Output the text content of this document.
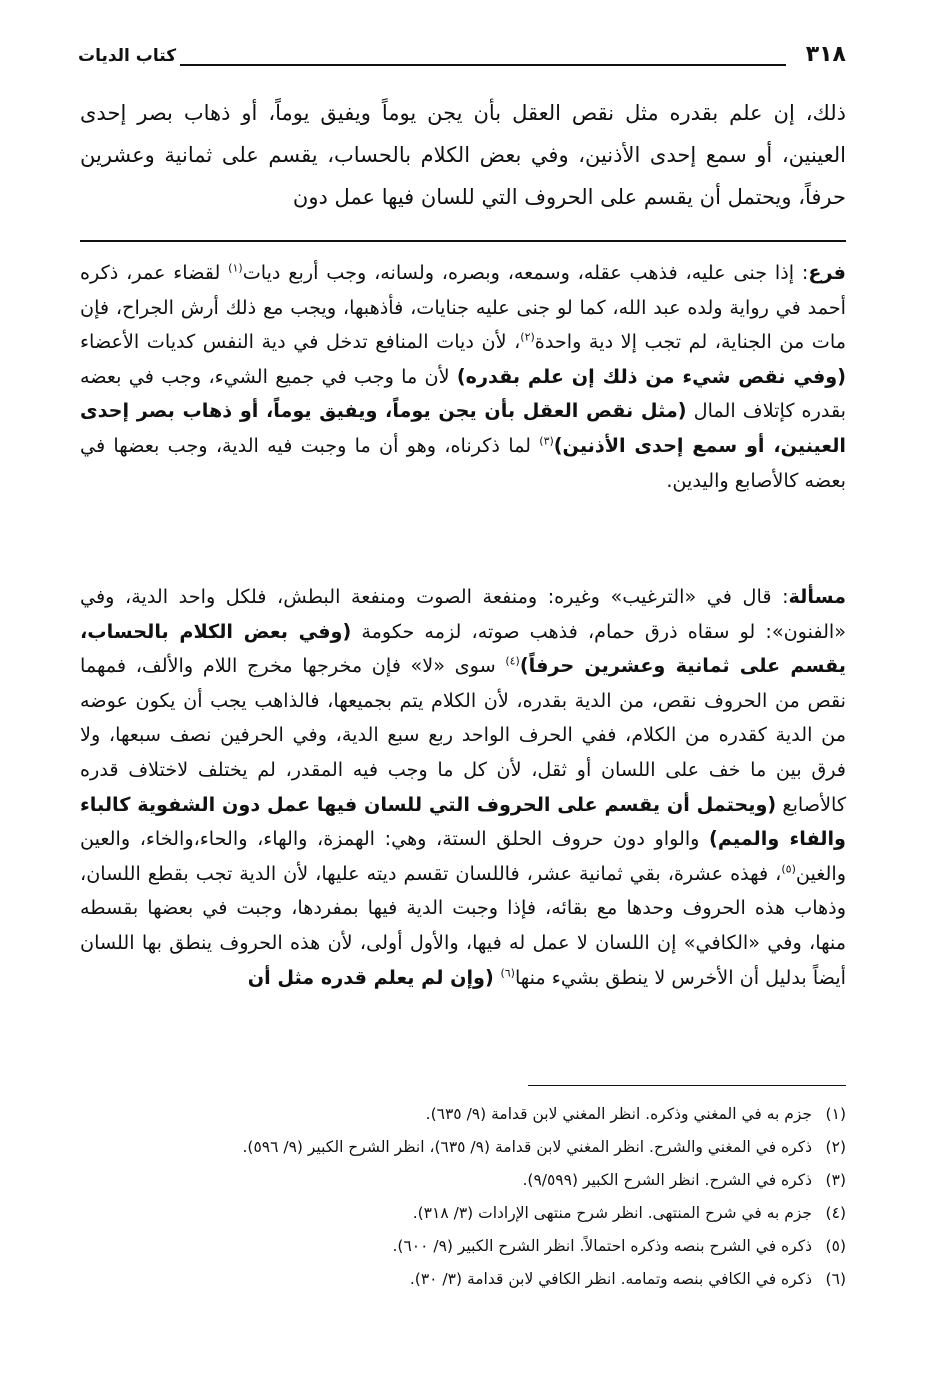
٣١٨
كتاب الديات
ذلك، إن علم بقدره مثل نقص العقل بأن يجن يوماً ويفيق يوماً، أو ذهاب بصر إحدى العينين، أو سمع إحدى الأذنين، وفي بعض الكلام بالحساب، يقسم على ثمانية وعشرين حرفاً، ويحتمل أن يقسم على الحروف التي للسان فيها عمل دون

فرع: إذا جنى عليه، فذهب عقله، وسمعه، وبصره، ولسانه، وجب أربع ديات$^{(١)}$ لقضاء عمر، ذكره أحمد في رواية ولده عبد الله، كما لو جنى عليه جنايات، فأذهبها، ويجب مع ذلك أرش الجراح، فإن مات من الجناية، لم تجب إلا دية واحدة$^{(٢)}$، لأن ديات المنافع تدخل في دية النفس كديات الأعضاء (وفي نقص شيء من ذلك إن علم بقدره) لأن ما وجب في جميع الشيء، وجب في بعضه بقدره كإتلاف المال (مثل نقص العقل بأن يجن يوماً، ويفيق يوماً، أو ذهاب بصر إحدى العينين، أو سمع إحدى الأذنين)$^{(٣)}$ لما ذكرناه، وهو أن ما وجبت فيه الدية، وجب بعضها في بعضه كالأصابع واليدين.

مسألة: قال في «الترغيب» وغيره: ومنفعة الصوت ومنفعة البطش، فلكل واحد الدية، وفي «الفنون»: لو سقاه ذرق حمام، فذهب صوته، لزمه حكومة (وفي بعض الكلام بالحساب، يقسم على ثمانية وعشرين حرفاً)$^{(٤)}$ سوى «لا» فإن مخرجها مخرج اللام والألف، فمهما نقص من الحروف نقص، من الدية بقدره، لأن الكلام يتم بجميعها، فالذاهب يجب أن يكون عوضه من الدية كقدره من الكلام، ففي الحرف الواحد ربع سبع الدية، وفي الحرفين نصف سبعها، ولا فرق بين ما خف على اللسان أو ثقل، لأن كل ما وجب فيه المقدر، لم يختلف لاختلاف قدره كالأصابع (ويحتمل أن يقسم على الحروف التي للسان فيها عمل دون الشفوية كالباء والفاء والميم) والواو دون حروف الحلق الستة، وهي: الهمزة، والهاء، والحاء،والخاء، والعين والغين$^{(٥)}$، فهذه عشرة، بقي ثمانية عشر، فاللسان تقسم ديته عليها، لأن الدية تجب بقطع اللسان، وذهاب هذه الحروف وحدها مع بقائه، فإذا وجبت الدية فيها بمفردها، وجبت في بعضها بقسطه منها، وفي «الكافي» إن اللسان لا عمل له فيها، والأول أولى، لأن هذه الحروف ينطق بها اللسان أيضاً بدليل أن الأخرس لا ينطق بشيء منها$^{(٦)}$ (وإن لم يعلم قدره مثل أن

(١)
جزم به في المغني وذكره. انظر المغني لابن قدامة (٩/ ٦٣٥).
(٢)
ذكره في المغني والشرح. انظر المغني لابن قدامة (٩/ ٦٣٥)، انظر الشرح الكبير (٩/ ٥٩٦).
(٣)
ذكره في الشرح. انظر الشرح الكبير (٩/٥٩٩).
(٤)
جزم به في شرح المنتهى. انظر شرح منتهى الإرادات (٣/ ٣١٨).
(٥)
ذكره في الشرح بنصه وذكره احتمالاً. انظر الشرح الكبير (٩/ ٦٠٠).
(٦)
ذكره في الكافي بنصه وتمامه. انظر الكافي لابن قدامة (٣/ ٣٠).
